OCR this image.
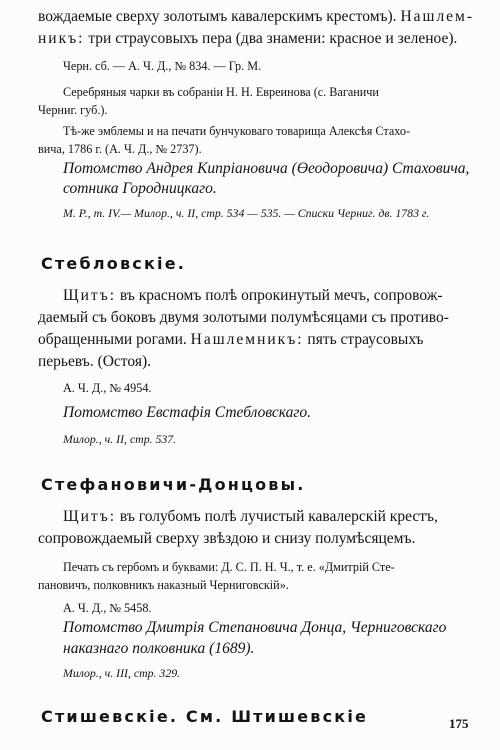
вождаемые сверху золотымъ кавалерскимъ крестомъ). Нашлем-
никъ: три страусовыхъ пера (два знамени: красное и зеленое).
Черн. сб. — А. Ч. Д., № 834. — Гр. М.
Серебряныя чарки въ собраніи Н. Н. Евреинова (с. Ваганичи
Черниг. губ.).
Тѣ-же эмблемы и на печати бунчуковаго товарища Алексѣя Стахо-
вича, 1786 г. (А. Ч. Д., № 2737).
Потомство Андрея Кипріановича (Өеодоровича) Стаховича,
сотника Городницкаго.
М. Р., т. IV.— Милор., ч. II, стр. 534 — 535. — Списки Черниг. дв. 1783 г.
Стебловскіе.
Щитъ: въ красномъ полѣ опрокинутый мечъ, сопровож-
даемый съ боковъ двумя золотыми полумѣсяцами съ противо-
обращенными рогами. Нашлемникъ: пять страусовыхъ
перьевъ. (Остоя).
А. Ч. Д., № 4954.
Потомство Евстафія Стебловскаго.
Милор., ч. II, стр. 537.
Стефановичи-Донцовы.
Щитъ: въ голубомъ полѣ лучистый кавалерскій крестъ,
сопровождаемый сверху звѣздою и снизу полумѣсяцемъ.
Печать съ гербомъ и буквами: Д. С. П. Н. Ч., т. е. «Дмитрій Сте-
пановичъ, полковникъ наказный Черниговскій».
А. Ч. Д., № 5458.
Потомство Дмитрія Степановича Донца, Черниговскаго
наказнаго полковника (1689).
Милор., ч. III, стр. 329.
Стишевскіе. См. Штишевскіе	175
